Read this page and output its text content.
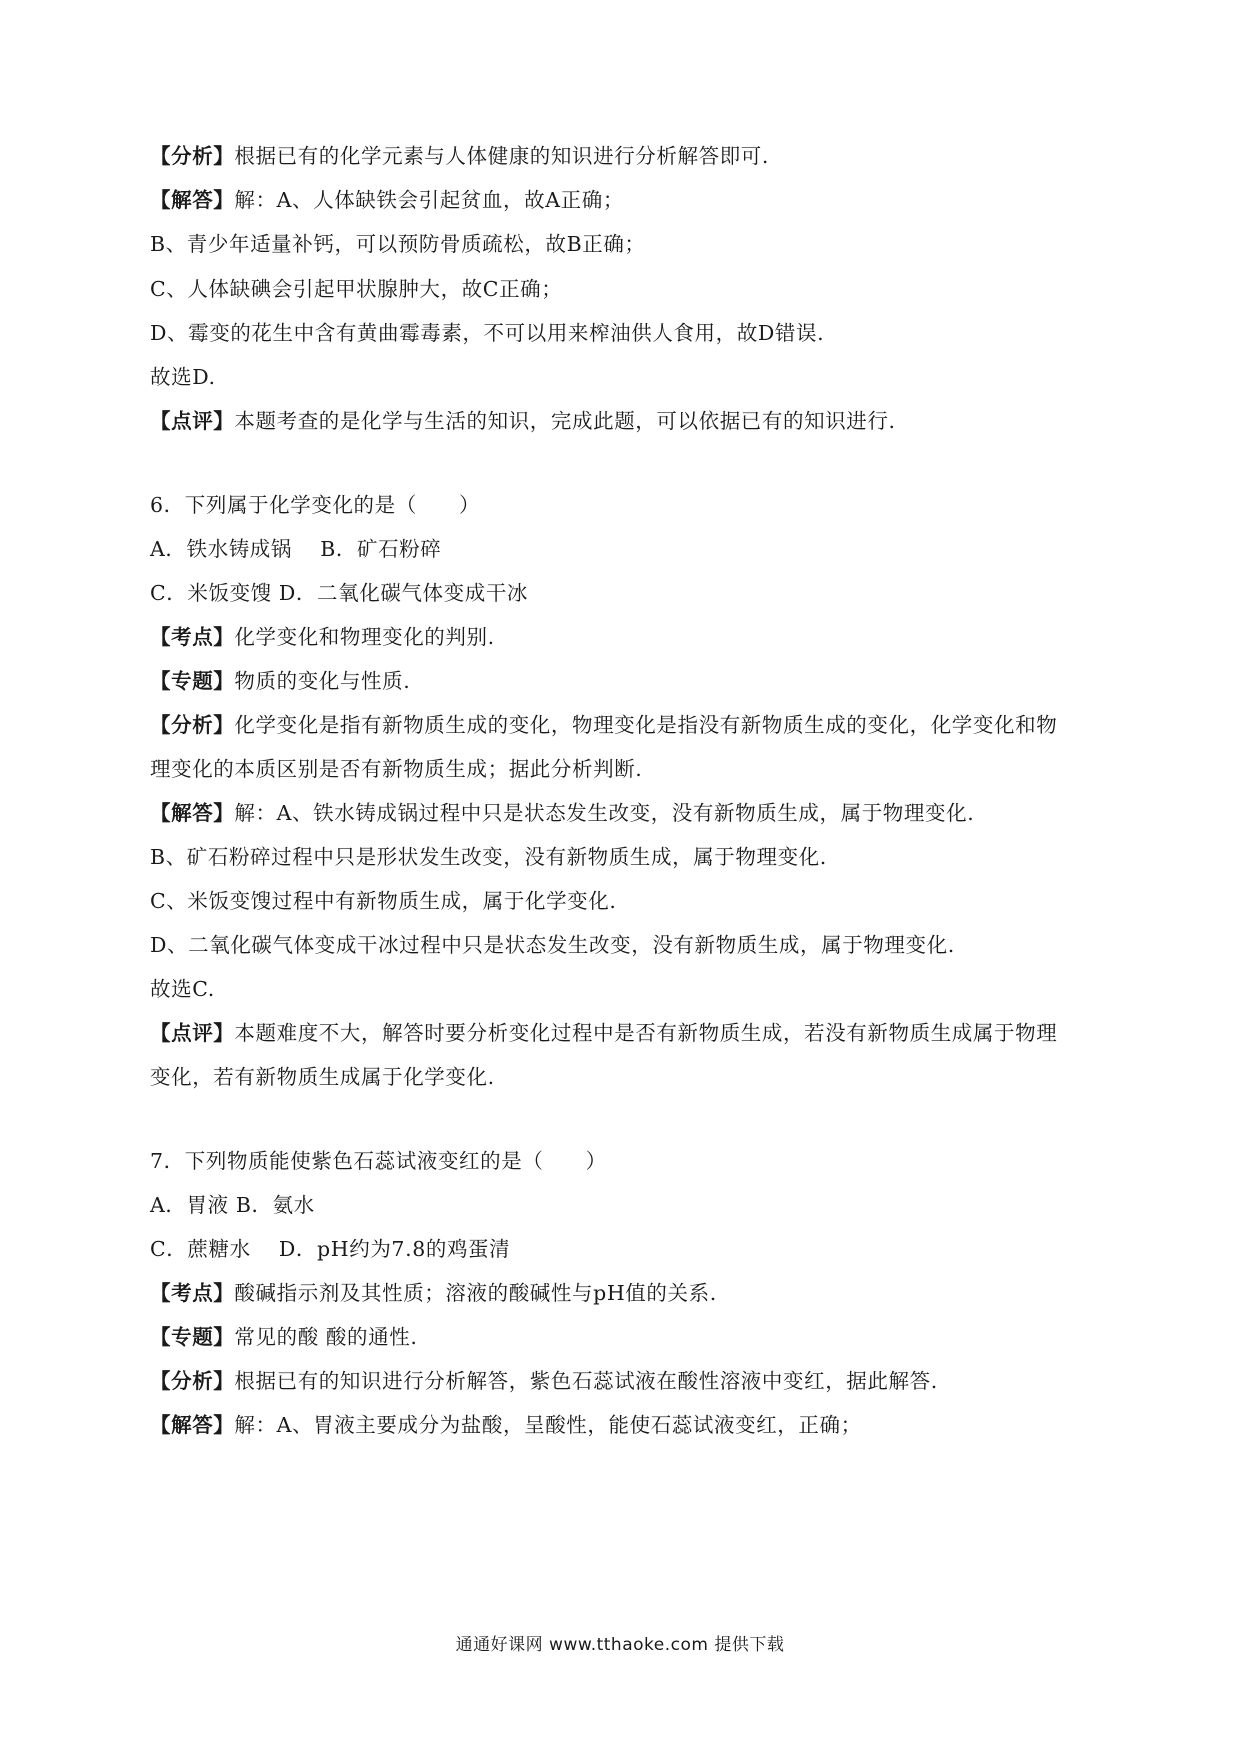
【分析】根据已有的化学元素与人体健康的知识进行分析解答即可.
【解答】解：A、人体缺铁会引起贫血，故A正确；
B、青少年适量补钙，可以预防骨质疏松，故B正确；
C、人体缺碘会引起甲状腺肿大，故C正确；
D、霉变的花生中含有黄曲霉毒素，不可以用来榨油供人食用，故D错误.
故选D.
【点评】本题考查的是化学与生活的知识，完成此题，可以依据已有的知识进行.
6．下列属于化学变化的是（　　）
A．铁水铸成锅　 B．矿石粉碎
C．米饭变馊 D．二氧化碳气体变成干冰
【考点】化学变化和物理变化的判别.
【专题】物质的变化与性质.
【分析】化学变化是指有新物质生成的变化，物理变化是指没有新物质生成的变化，化学变化和物
理变化的本质区别是否有新物质生成；据此分析判断.
【解答】解：A、铁水铸成锅过程中只是状态发生改变，没有新物质生成，属于物理变化.
B、矿石粉碎过程中只是形状发生改变，没有新物质生成，属于物理变化.
C、米饭变馊过程中有新物质生成，属于化学变化.
D、二氧化碳气体变成干冰过程中只是状态发生改变，没有新物质生成，属于物理变化.
故选C.
【点评】本题难度不大，解答时要分析变化过程中是否有新物质生成，若没有新物质生成属于物理
变化，若有新物质生成属于化学变化.
7．下列物质能使紫色石蕊试液变红的是（　　）
A．胃液 B．氨水
C．蔗糖水　 D．pH约为7.8的鸡蛋清
【考点】酸碱指示剂及其性质；溶液的酸碱性与pH值的关系.
【专题】常见的酸 酸的通性.
【分析】根据已有的知识进行分析解答，紫色石蕊试液在酸性溶液中变红，据此解答.
【解答】解：A、胃液主要成分为盐酸，呈酸性，能使石蕊试液变红，正确；
通通好课网 www.tthaoke.com 提供下载
